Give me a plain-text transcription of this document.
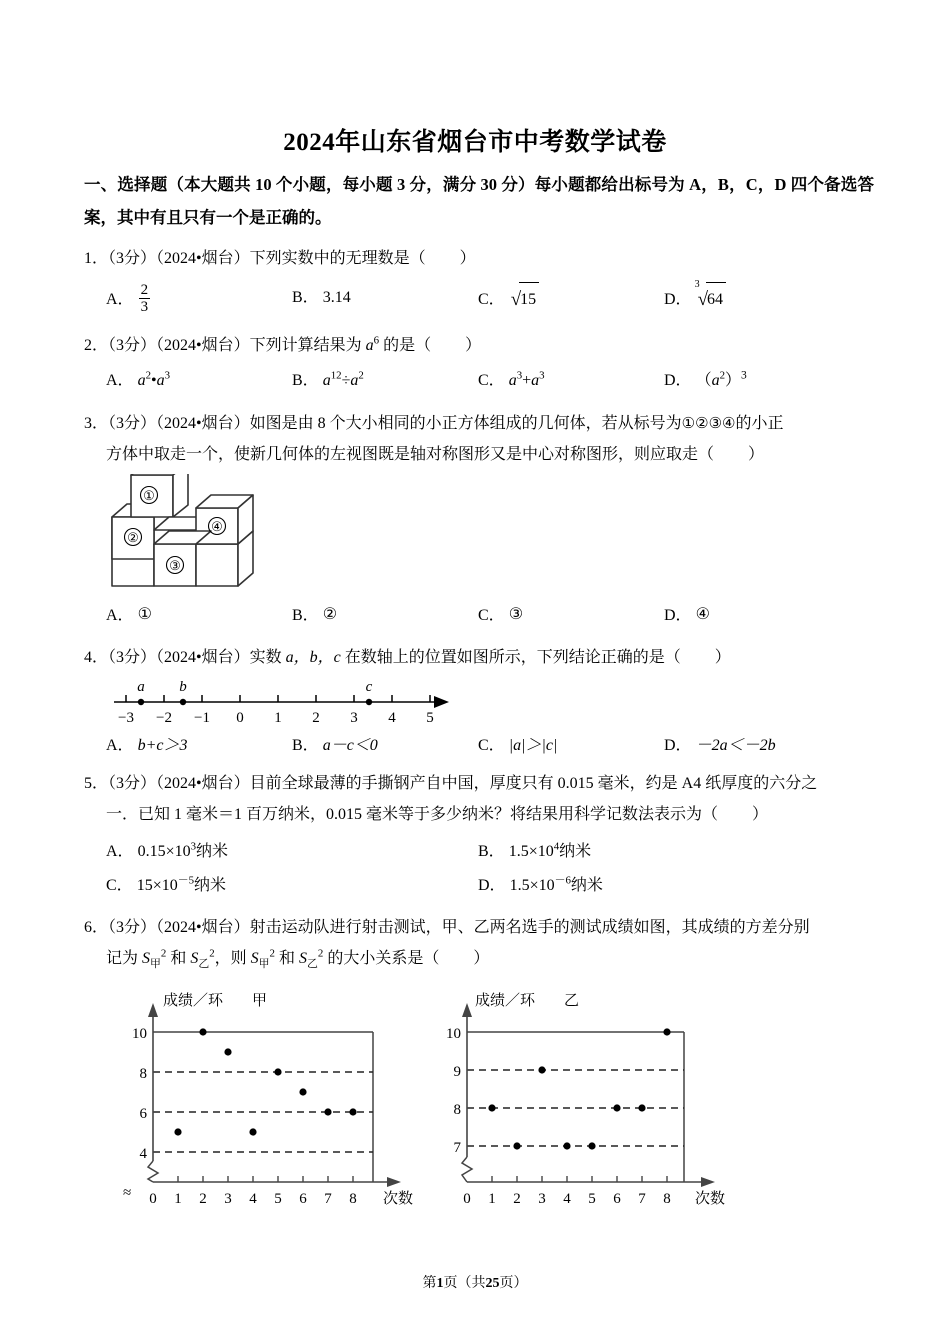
2024年山东省烟台市中考数学试卷
一、选择题（本大题共 10 个小题，每小题 3 分，满分 30 分）每小题都给出标号为 A，B，C，D 四个备选答案，其中有且只有一个是正确的。
1．（3分）（2024•烟台）下列实数中的无理数是（ ）
A． $\frac{2}{3}$	B． 3.14	C． √15	D．
3
√64
2．（3分）（2024•烟台）下列计算结果为 $a^6$ 的是（ ）
A． $a^2•a^3$	B． $a^{12}\div a^2$	C． $a^3+a^3$	D． $(a^2)^3$
3．（3分）（2024•烟台）如图是由 8 个大小相同的小正方体组成的几何体，若从标号为①②③④的小正
方体中取走一个，使新几何体的左视图既是轴对称图形又是中心对称图形，则应取走（ ）
①
②
③
④
A． ①	B． ②	C． ③	D． ④
4．（3分）（2024•烟台）实数 a，b，c 在数轴上的位置如图所示，下列结论正确的是（ ）
−3 −2 −1 0 1 2 3 4 5
a b	c
A． b+c＞3	B． a－c＜0	C． |a|＞|c|	D． －2a＜－2b
5．（3分）（2024•烟台）目前全球最薄的手撕钢产自中国，厚度只有 0.015 毫米，约是 A4 纸厚度的六分之
一．已知 1 毫米＝1 百万纳米，0.015 毫米等于多少纳米？将结果用科学记数法表示为（ ）
A． $0.15\times 10^3$纳米	B． $1.5\times 10^4$纳米
C． $15\times 10^{-5}$纳米	D． $1.5\times 10^{-6}$纳米
6．（3分）（2024•烟台）射击运动队进行射击测试，甲、乙两名选手的测试成绩如图，其成绩的方差分别
记为 $S_甲^2$ 和 $S_乙^2$，则 $S_甲^2$ 和 $S_乙^2$ 的大小关系是（ ）
成绩／环 甲
10
8
6
4
0 1 2 3 4 5 6 7 8 次数
≈
成绩／环 乙
10
9
8
7
0 1 2 3 4 5 6 7 8 次数
第1页（共25页）
